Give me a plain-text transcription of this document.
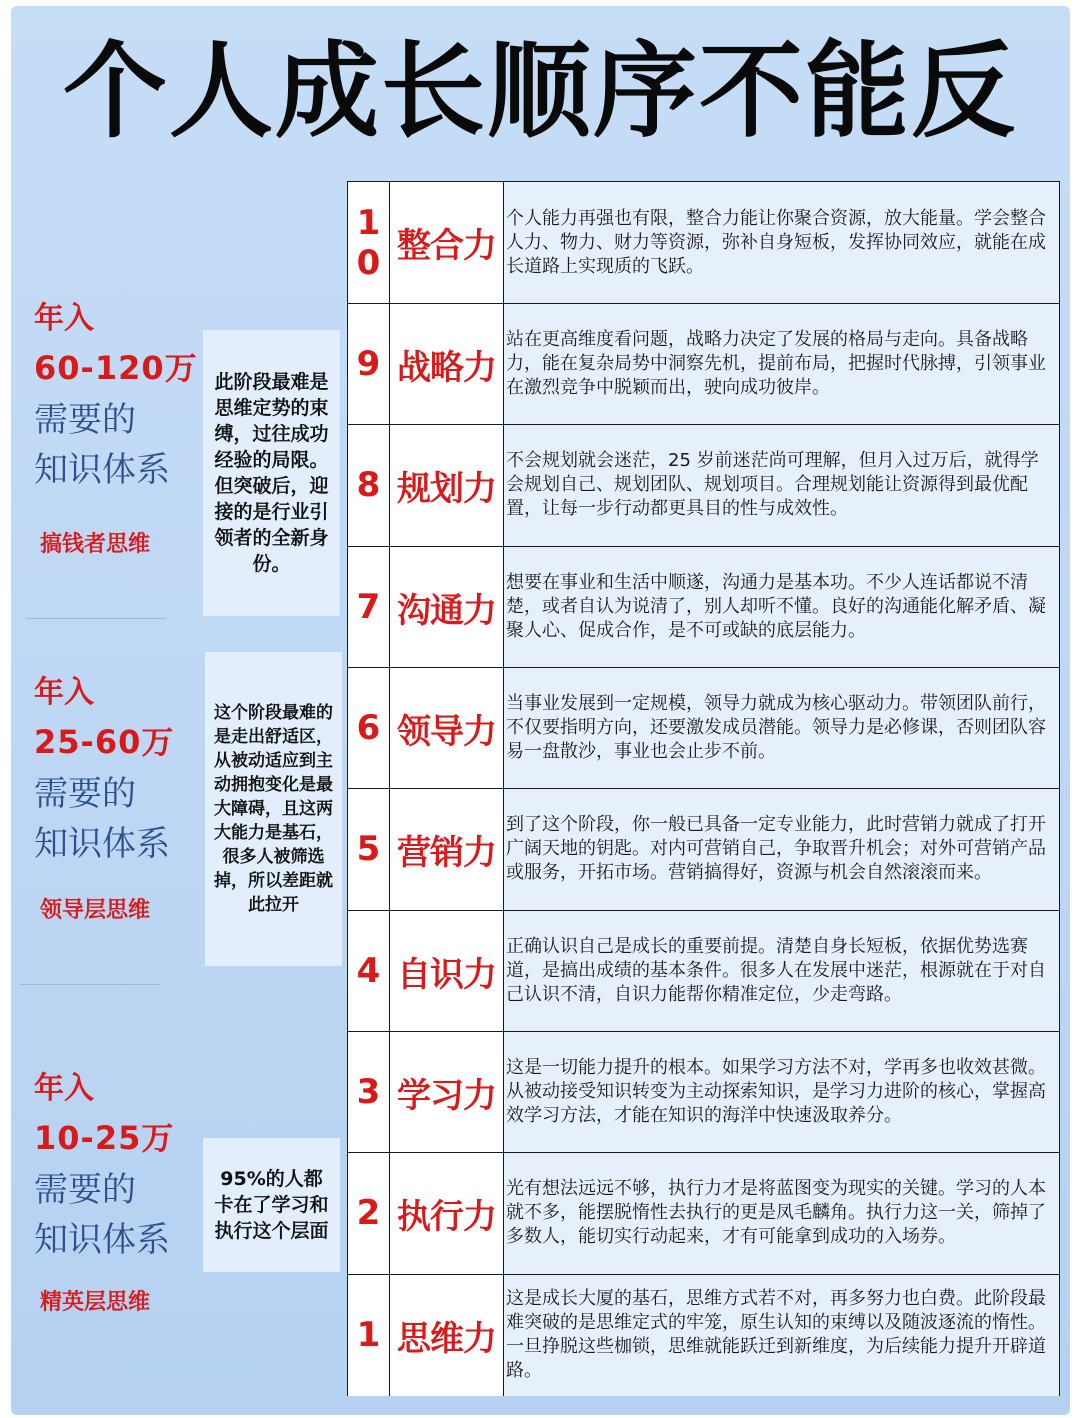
个人成长顺序不能反
年入
60-120万
需要的
知识体系
搞钱者思维
此阶段最难是思维定势的束缚，过往成功经验的局限。但突破后，迎接的是行业引领者的全新身份。
年入
25-60万
需要的
知识体系
领导层思维
这个阶段最难的是走出舒适区，从被动适应到主动拥抱变化是最大障碍，且这两大能力是基石，很多人被筛选掉，所以差距就此拉开
年入
10-25万
需要的
知识体系
精英层思维
95%的人都卡在了学习和执行这个层面
10 整合力
个人能力再强也有限，整合力能让你聚合资源，放大能量。学会整合人力、物力、财力等资源，弥补自身短板，发挥协同效应，就能在成长道路上实现质的飞跃。
9 战略力
站在更高维度看问题，战略力决定了发展的格局与走向。具备战略力，能在复杂局势中洞察先机，提前布局，把握时代脉搏，引领事业在激烈竞争中脱颖而出，驶向成功彼岸。
8 规划力
不会规划就会迷茫，25 岁前迷茫尚可理解，但月入过万后，就得学会规划自己、规划团队、规划项目。合理规划能让资源得到最优配置，让每一步行动都更具目的性与成效性。
7 沟通力
想要在事业和生活中顺遂，沟通力是基本功。不少人连话都说不清楚，或者自认为说清了，别人却听不懂。良好的沟通能化解矛盾、凝聚人心、促成合作，是不可或缺的底层能力。
6 领导力
当事业发展到一定规模，领导力就成为核心驱动力。带领团队前行，不仅要指明方向，还要激发成员潜能。领导力是必修课，否则团队容易一盘散沙，事业也会止步不前。
5 营销力
到了这个阶段，你一般已具备一定专业能力，此时营销力就成了打开广阔天地的钥匙。对内可营销自己，争取晋升机会；对外可营销产品或服务，开拓市场。营销搞得好，资源与机会自然滚滚而来。
4 自识力
正确认识自己是成长的重要前提。清楚自身长短板，依据优势选赛道，是搞出成绩的基本条件。很多人在发展中迷茫，根源就在于对自己认识不清，自识力能帮你精准定位，少走弯路。
3 学习力
这是一切能力提升的根本。如果学习方法不对，学再多也收效甚微。从被动接受知识转变为主动探索知识，是学习力进阶的核心，掌握高效学习方法，才能在知识的海洋中快速汲取养分。
2 执行力
光有想法远远不够，执行力才是将蓝图变为现实的关键。学习的人本就不多，能摆脱惰性去执行的更是凤毛麟角。执行力这一关，筛掉了多数人，能切实行动起来，才有可能拿到成功的入场券。
1 思维力
这是成长大厦的基石，思维方式若不对，再多努力也白费。此阶段最难突破的是思维定式的牢笼，原生认知的束缚以及随波逐流的惰性。一旦挣脱这些枷锁，思维就能跃迁到新维度，为后续能力提升开辟道路。
